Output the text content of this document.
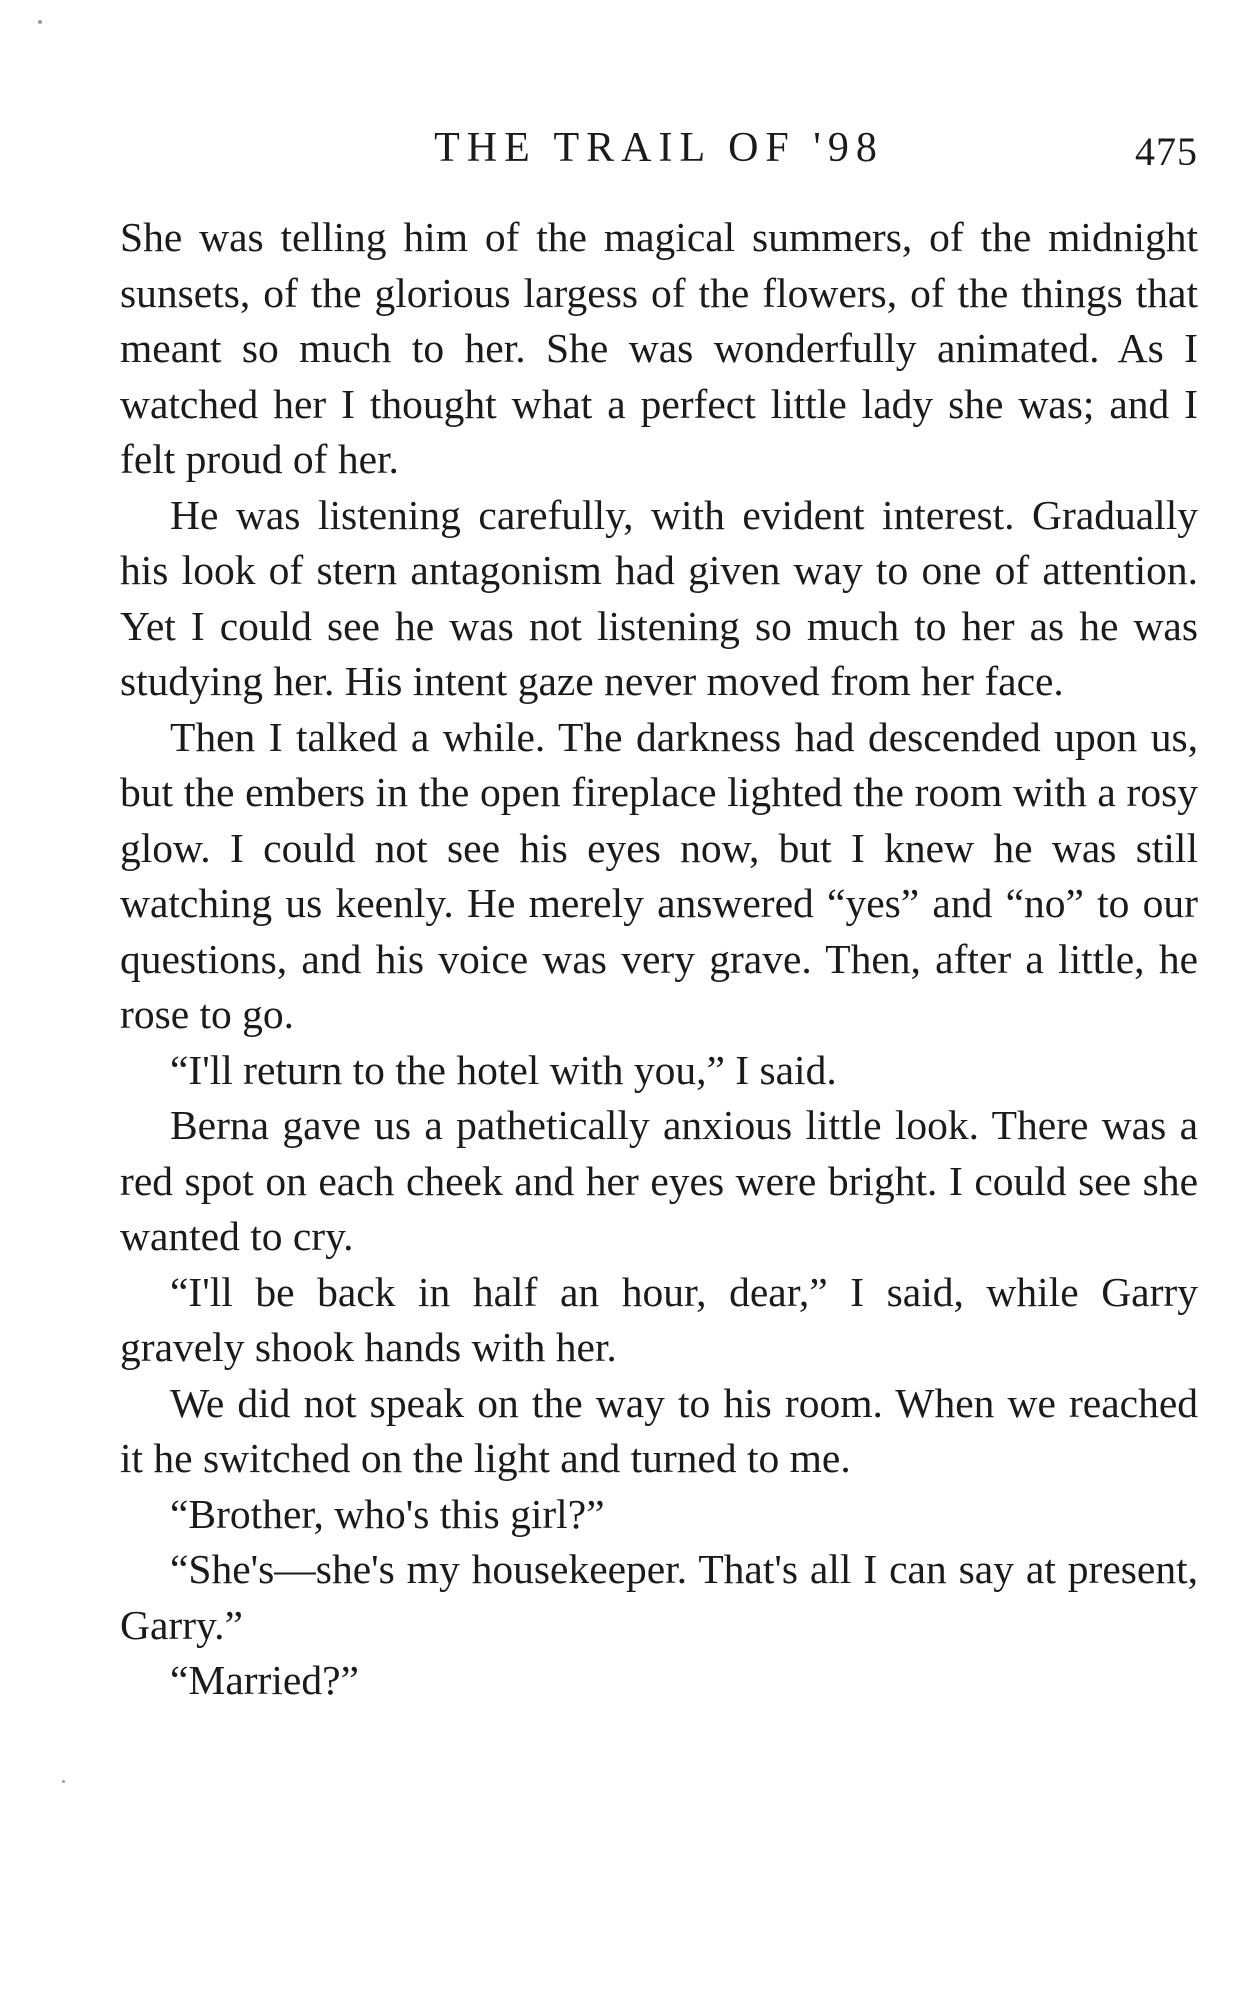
THE TRAIL OF '98	475

She was telling him of the magical summers, of the midnight sunsets, of the glorious largess of the flowers, of the things that meant so much to her. She was wonderfully animated. As I watched her I thought what a perfect little lady she was; and I felt proud of her.

He was listening carefully, with evident interest. Gradually his look of stern antagonism had given way to one of attention. Yet I could see he was not listening so much to her as he was studying her. His intent gaze never moved from her face.

Then I talked a while. The darkness had descended upon us, but the embers in the open fireplace lighted the room with a rosy glow. I could not see his eyes now, but I knew he was still watching us keenly. He merely answered “yes” and “no” to our questions, and his voice was very grave. Then, after a little, he rose to go.

“I'll return to the hotel with you,” I said.

Berna gave us a pathetically anxious little look. There was a red spot on each cheek and her eyes were bright. I could see she wanted to cry.

“I'll be back in half an hour, dear,” I said, while Garry gravely shook hands with her.

We did not speak on the way to his room. When we reached it he switched on the light and turned to me.

“Brother, who's this girl?”

“She's—she's my housekeeper. That's all I can say at present, Garry.”

“Married?”
